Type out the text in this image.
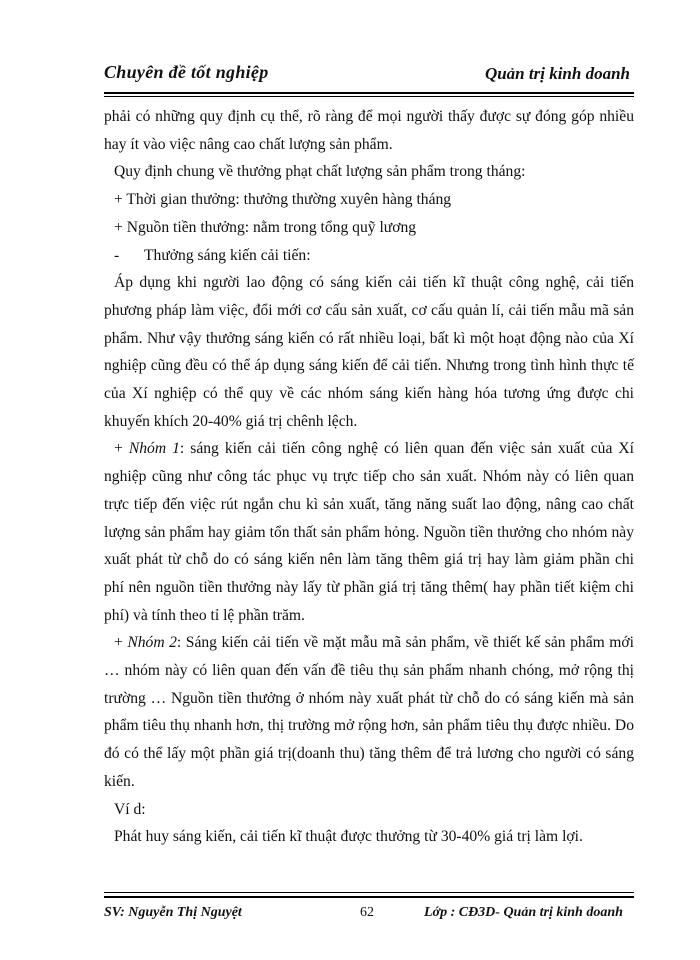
Chuyên đề tốt nghiệp	Quản trị kinh doanh

phải có những quy định cụ thể, rõ ràng để mọi người thấy được sự đóng góp nhiều hay ít vào việc nâng cao chất lượng sản phẩm.

Quy định chung về thưởng phạt chất lượng sản phẩm trong tháng:

+ Thời gian thưởng: thưởng thường xuyên hàng tháng

+ Nguồn tiền thưởng: nằm trong tổng quỹ lương

-	Thưởng sáng kiến cải tiến:

Áp dụng khi người lao động có sáng kiến cải tiến kĩ thuật công nghệ, cải tiến phương pháp làm việc, đổi mới cơ cấu sản xuất, cơ cấu quản lí, cải tiến mẫu mã sản phẩm. Như vậy thưởng sáng kiến có rất nhiều loại, bất kì một hoạt động nào của Xí nghiệp cũng đều có thể áp dụng sáng kiến để cải tiến. Nhưng trong tình hình thực tế của Xí nghiệp có thể quy về các nhóm sáng kiến hàng hóa tương ứng được chi khuyến khích 20-40% giá trị chênh lệch.

+ Nhóm 1: sáng kiến cải tiến công nghệ có liên quan đến việc sản xuất của Xí nghiệp cũng như công tác phục vụ trực tiếp cho sản xuất. Nhóm này có liên quan trực tiếp đến việc rút ngắn chu kì sản xuất, tăng năng suất lao động, nâng cao chất lượng sản phẩm hay giảm tổn thất sản phẩm hỏng. Nguồn tiền thưởng cho nhóm này xuất phát từ chỗ do có sáng kiến nên làm tăng thêm giá trị hay làm giảm phần chi phí nên nguồn tiền thưởng này lấy từ phần giá trị tăng thêm( hay phần tiết kiệm chi phí) và tính theo tỉ lệ phần trăm.

+ Nhóm 2: Sáng kiến cải tiến về mặt mẫu mã sản phẩm, về thiết kế sản phẩm mới … nhóm này có liên quan đến vấn đề tiêu thụ sản phẩm nhanh chóng, mở rộng thị trường … Nguồn tiền thưởng ở nhóm này xuất phát từ chỗ do có sáng kiến mà sản phẩm tiêu thụ nhanh hơn, thị trường mở rộng hơn, sản phẩm tiêu thụ được nhiều. Do đó có thể lấy một phần giá trị(doanh thu) tăng thêm để trả lương cho người có sáng kiến.

Ví d:

Phát huy sáng kiến, cải tiến kĩ thuật được thưởng từ 30-40% giá trị làm lợi.

SV: Nguyễn Thị Nguyệt	62	Lớp : CĐ3D- Quản trị kinh doanh
